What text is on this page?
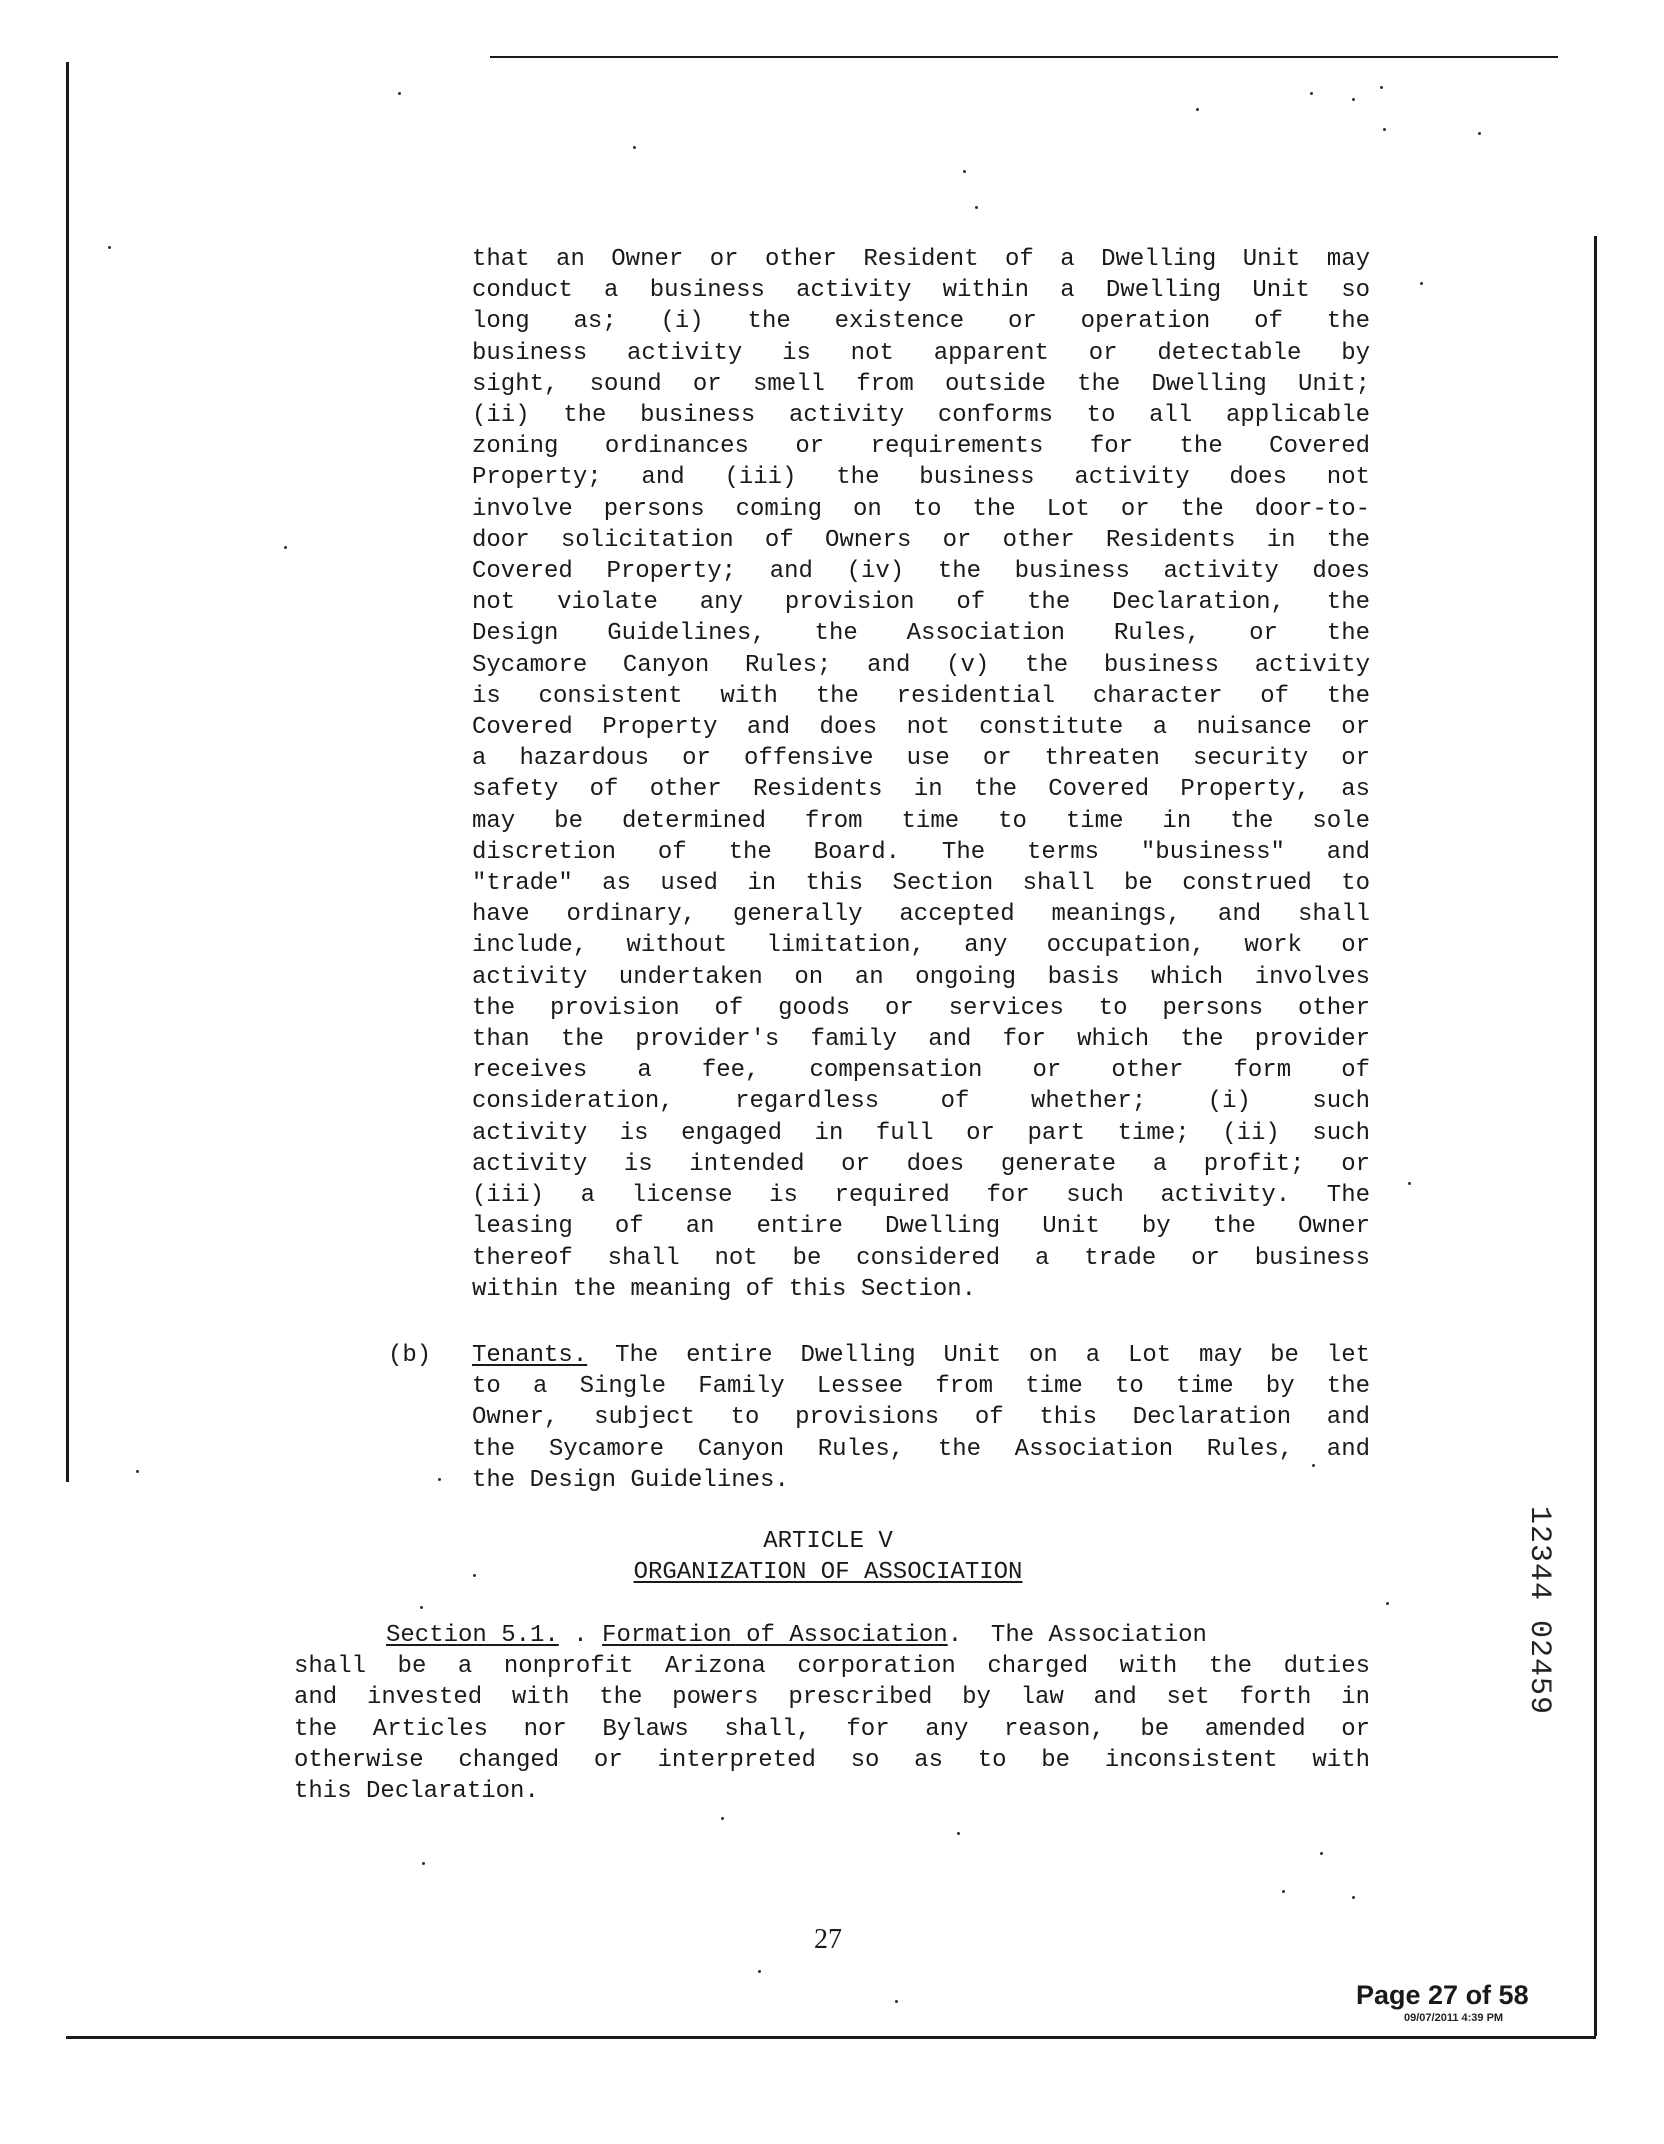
that an Owner or other Resident of a Dwelling Unit may
conduct a business activity within a Dwelling Unit so
long as; (i) the existence or operation of the
business activity is not apparent or detectable by
sight, sound or smell from outside the Dwelling Unit;
(ii) the business activity conforms to all applicable
zoning ordinances or requirements for the Covered
Property; and (iii) the business activity does not
involve persons coming on to the Lot or the door-to-
door solicitation of Owners or other Residents in the
Covered Property; and (iv) the business activity does
not violate any provision of the Declaration, the
Design Guidelines, the Association Rules, or the
Sycamore Canyon Rules; and (v) the business activity
is consistent with the residential character of the
Covered Property and does not constitute a nuisance or
a hazardous or offensive use or threaten security or
safety of other Residents in the Covered Property, as
may be determined from time to time in the sole
discretion of the Board. The terms "business" and
"trade" as used in this Section shall be construed to
have ordinary, generally accepted meanings, and shall
include, without limitation, any occupation, work or
activity undertaken on an ongoing basis which involves
the provision of goods or services to persons other
than the provider's family and for which the provider
receives a fee, compensation or other form of
consideration, regardless of whether; (i) such
activity is engaged in full or part time; (ii) such
activity is intended or does generate a profit; or
(iii) a license is required for such activity. The
leasing of an entire Dwelling Unit by the Owner
thereof shall not be considered a trade or business
within the meaning of this Section.
(b) Tenants. The entire Dwelling Unit on a Lot may be let
to a Single Family Lessee from time to time by the
Owner, subject to provisions of this Declaration and
the Sycamore Canyon Rules, the Association Rules, and
the Design Guidelines.
ARTICLE V
ORGANIZATION OF ASSOCIATION
Section 5.1. . Formation of Association.  The Association
shall be a nonprofit Arizona corporation charged with the duties
and invested with the powers prescribed by law and set forth in
the Articles nor Bylaws shall, for any reason, be amended or
otherwise changed or interpreted so as to be inconsistent with
this Declaration.
27
Page 27 of 58
09/07/2011 4:39 PM
12344 02459
